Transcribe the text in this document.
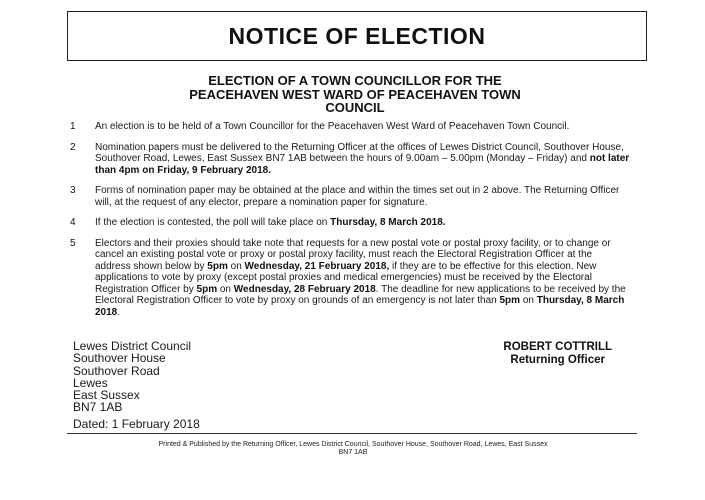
NOTICE OF ELECTION
ELECTION OF A TOWN COUNCILLOR FOR THE
PEACEHAVEN WEST WARD OF PEACEHAVEN TOWN
COUNCIL
1	An election is to be held of a Town Councillor for the Peacehaven West Ward of Peacehaven Town Council.
2	Nomination papers must be delivered to the Returning Officer at the offices of Lewes District Council, Southover House, Southover Road, Lewes, East Sussex BN7 1AB between the hours of 9.00am – 5.00pm (Monday – Friday) and not later than 4pm on Friday, 9 February 2018.
3	Forms of nomination paper may be obtained at the place and within the times set out in 2 above. The Returning Officer will, at the request of any elector, prepare a nomination paper for signature.
4	If the election is contested, the poll will take place on Thursday, 8 March 2018.
5	Electors and their proxies should take note that requests for a new postal vote or postal proxy facility, or to change or cancel an existing postal vote or proxy or postal proxy facility, must reach the Electoral Registration Officer at the address shown below by 5pm on Wednesday, 21 February 2018, if they are to be effective for this election. New applications to vote by proxy (except postal proxies and medical emergencies) must be received by the Electoral Registration Officer by 5pm on Wednesday, 28 February 2018. The deadline for new applications to be received by the Electoral Registration Officer to vote by proxy on grounds of an emergency is not later than 5pm on Thursday, 8 March 2018.
Lewes District Council
Southover House
Southover Road
Lewes
East Sussex
BN7 1AB
Dated: 1 February 2018
ROBERT COTTRILL
Returning Officer
Printed & Published by the Returning Officer, Lewes District Council, Southover House, Southover Road, Lewes, East Sussex
BN7 1AB
